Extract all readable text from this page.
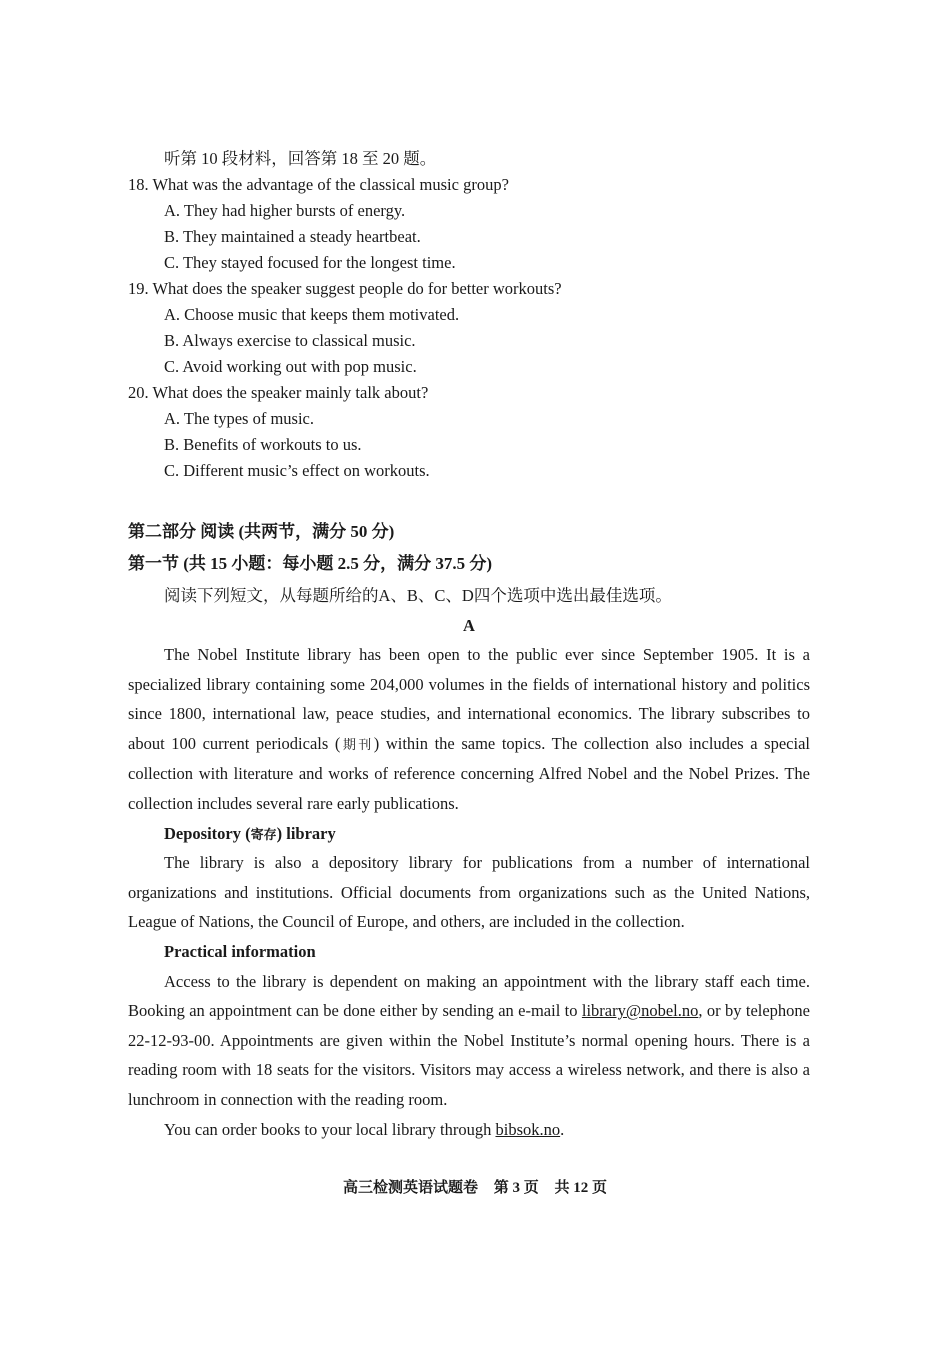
听第 10 段材料，回答第 18 至 20 题。
18. What was the advantage of the classical music group?
A. They had higher bursts of energy.
B. They maintained a steady heartbeat.
C. They stayed focused for the longest time.
19. What does the speaker suggest people do for better workouts?
A. Choose music that keeps them motivated.
B. Always exercise to classical music.
C. Avoid working out with pop music.
20. What does the speaker mainly talk about?
A. The types of music.
B. Benefits of workouts to us.
C. Different music’s effect on workouts.
第二部分 阅读 (共两节，满分 50 分)
第一节 (共 15 小题：每小题 2.5 分，满分 37.5 分)
阅读下列短文，从每题所给的A、B、C、D四个选项中选出最佳选项。
A

The Nobel Institute library has been open to the public ever since September 1905. It is a specialized library containing some 204,000 volumes in the fields of international history and politics since 1800, international law, peace studies, and international economics. The library subscribes to about 100 current periodicals (期刊) within the same topics. The collection also includes a special collection with literature and works of reference concerning Alfred Nobel and the Nobel Prizes. The collection includes several rare early publications.

Depository (寄存) library

The library is also a depository library for publications from a number of international organizations and institutions. Official documents from organizations such as the United Nations, League of Nations, the Council of Europe, and others, are included in the collection.

Practical information

Access to the library is dependent on making an appointment with the library staff each time. Booking an appointment can be done either by sending an e-mail to library@nobel.no, or by telephone 22-12-93-00. Appointments are given within the Nobel Institute’s normal opening hours. There is a reading room with 18 seats for the visitors. Visitors may access a wireless network, and there is also a lunchroom in connection with the reading room.

You can order books to your local library through bibsok.no.

高三检测英语试题卷 第 3 页 共 12 页
